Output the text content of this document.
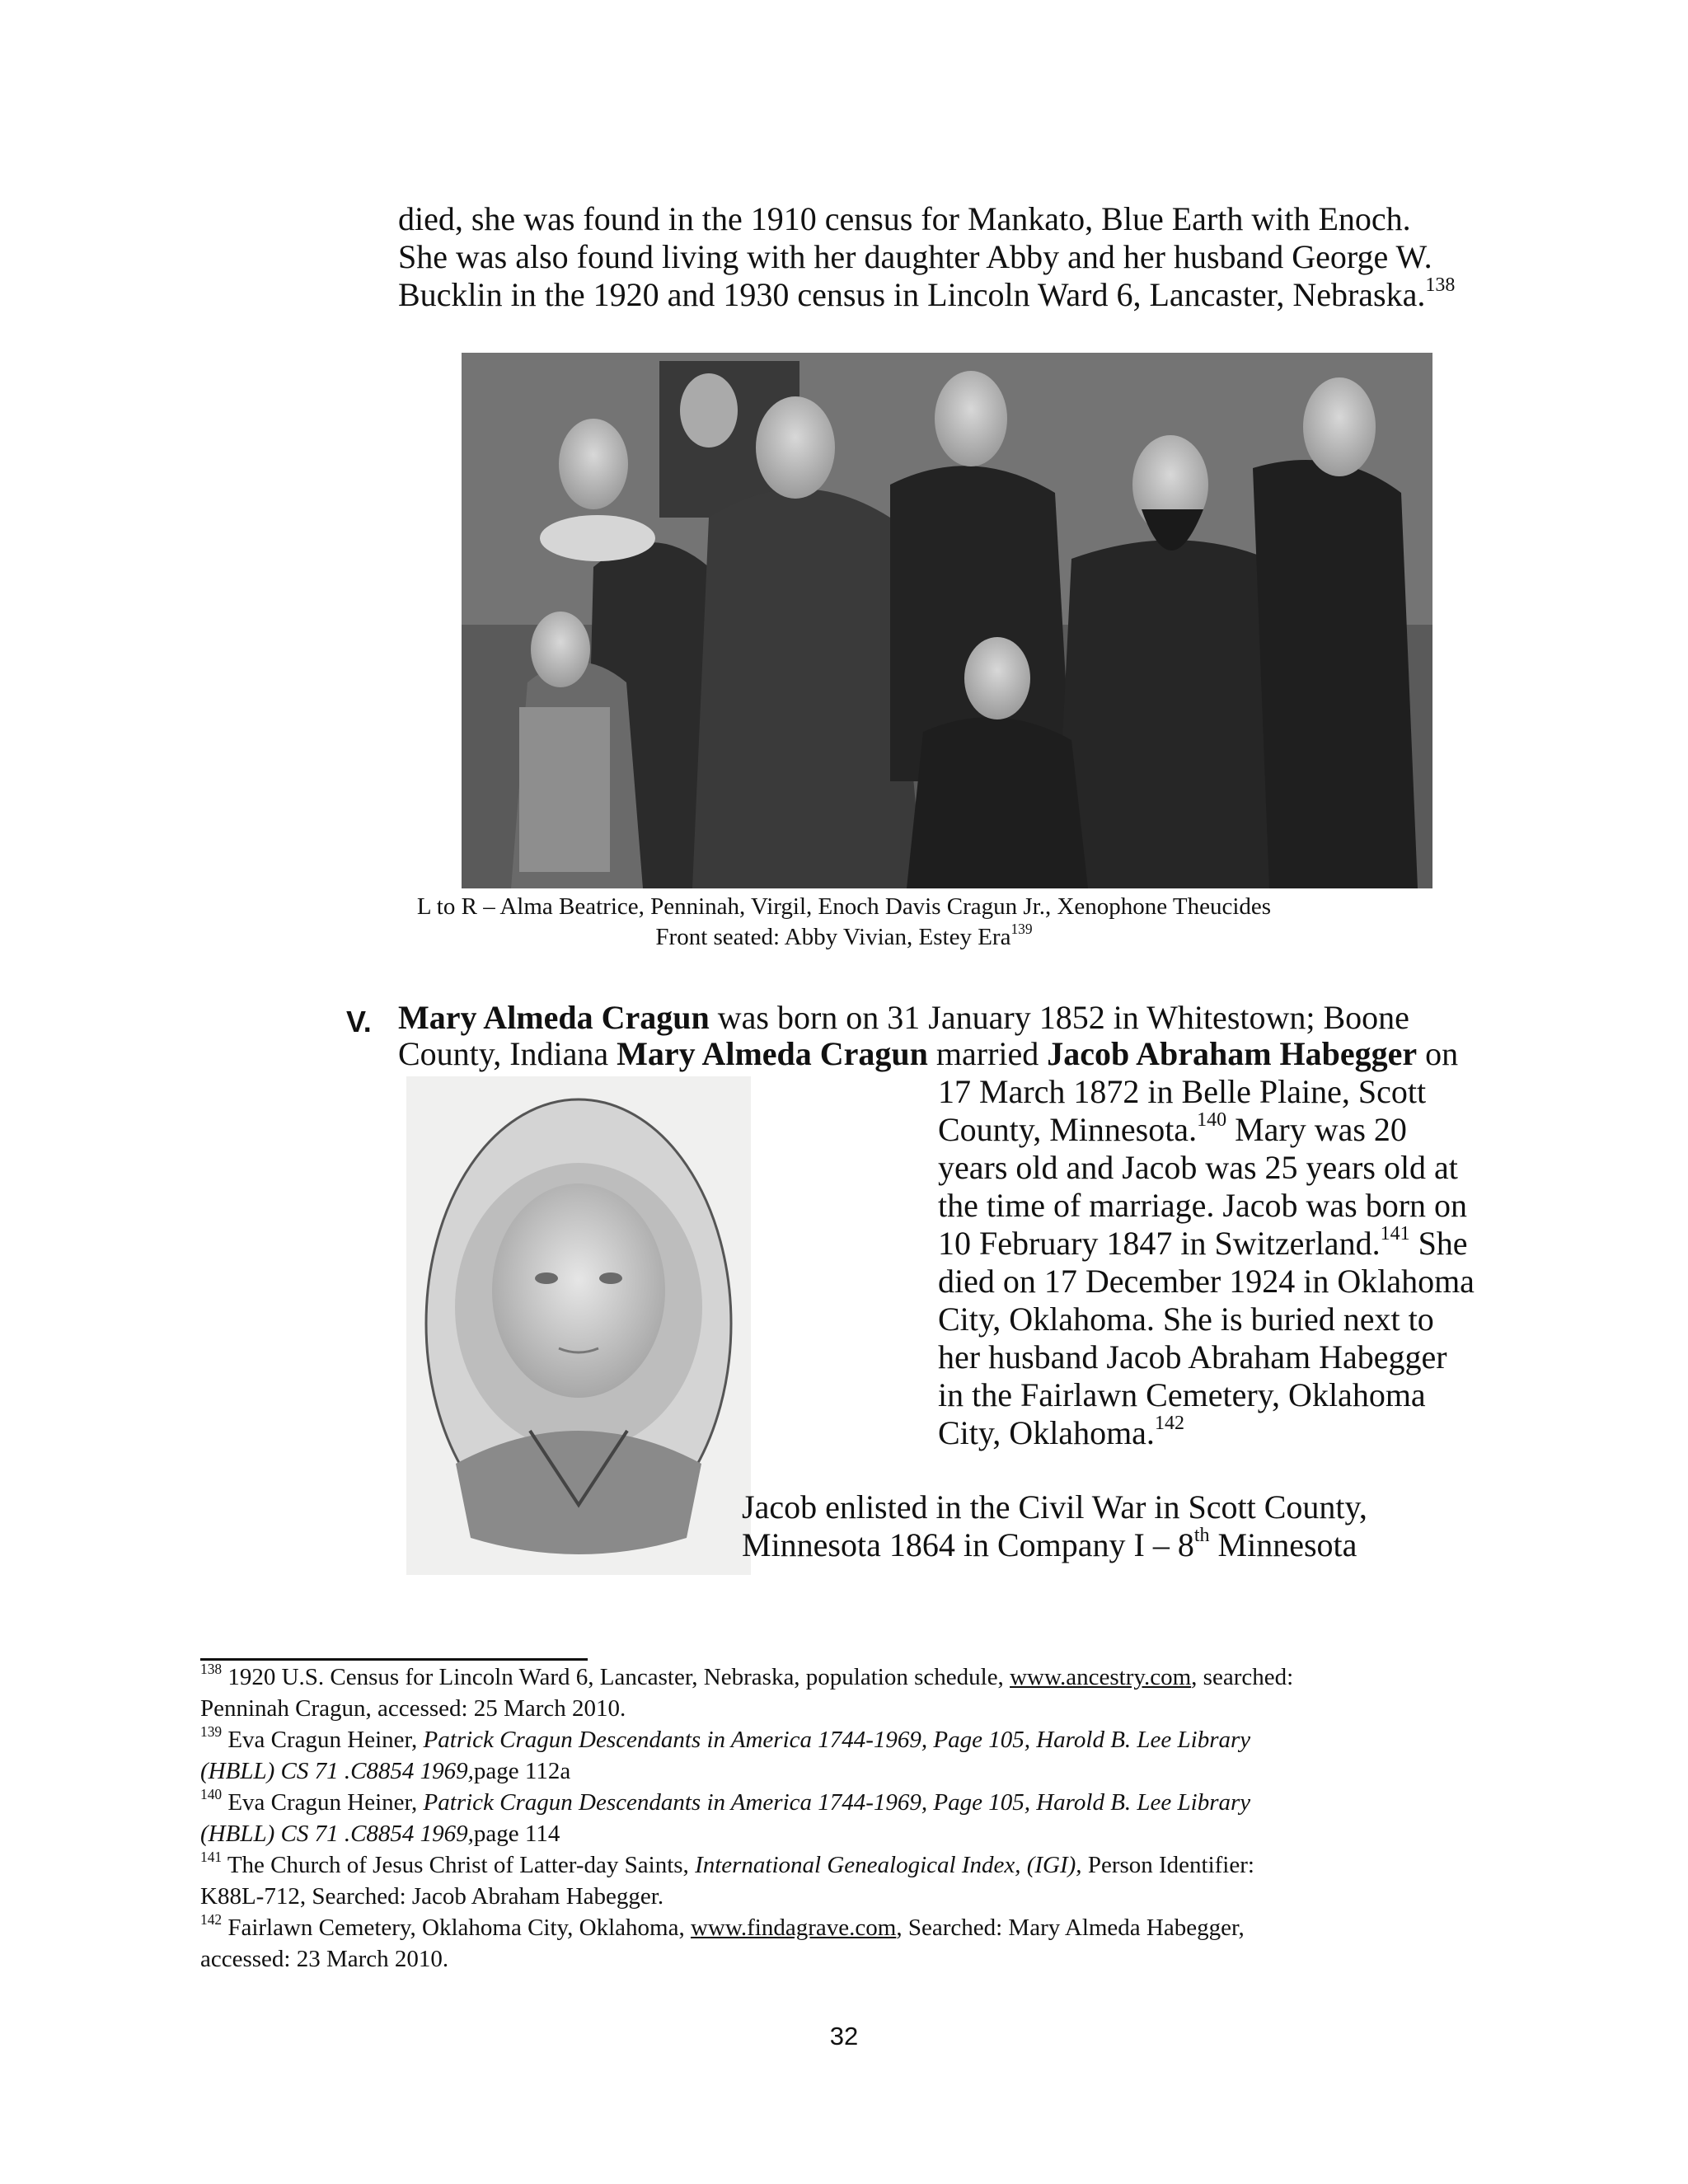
died, she was found in the 1910 census for Mankato, Blue Earth with Enoch.
She was also found living with her daughter Abby and her husband George W.
Bucklin in the 1920 and 1930 census in Lincoln Ward 6, Lancaster, Nebraska.$^{138}$
L to R – Alma Beatrice, Penninah, Virgil, Enoch Davis Cragun Jr., Xenophone Theucides
Front seated: Abby Vivian, Estey Era$^{139}$
V. Mary Almeda Cragun was born on 31 January 1852 in Whitestown; Boone
County, Indiana Mary Almeda Cragun married Jacob Abraham Habegger on
17 March 1872 in Belle Plaine, Scott
County, Minnesota.$^{140}$ Mary was 20
years old and Jacob was 25 years old at
the time of marriage. Jacob was born on
10 February 1847 in Switzerland.$^{141}$ She
died on 17 December 1924 in Oklahoma
City, Oklahoma. She is buried next to
her husband Jacob Abraham Habegger
in the Fairlawn Cemetery, Oklahoma
City, Oklahoma.$^{142}$
Jacob enlisted in the Civil War in Scott County,
Minnesota 1864 in Company I – 8th Minnesota
$^{138}$ 1920 U.S. Census for Lincoln Ward 6, Lancaster, Nebraska, population schedule, www.ancestry.com, searched:
Penninah Cragun, accessed: 25 March 2010.
$^{139}$ Eva Cragun Heiner, Patrick Cragun Descendants in America 1744-1969, Page 105, Harold B. Lee Library
(HBLL) CS 71 .C8854 1969,page 112a
$^{140}$ Eva Cragun Heiner, Patrick Cragun Descendants in America 1744-1969, Page 105, Harold B. Lee Library
(HBLL) CS 71 .C8854 1969,page 114
$^{141}$ The Church of Jesus Christ of Latter-day Saints, International Genealogical Index, (IGI), Person Identifier:
K88L-712, Searched: Jacob Abraham Habegger.
$^{142}$ Fairlawn Cemetery, Oklahoma City, Oklahoma, www.findagrave.com, Searched: Mary Almeda Habegger,
accessed: 23 March 2010.
32
